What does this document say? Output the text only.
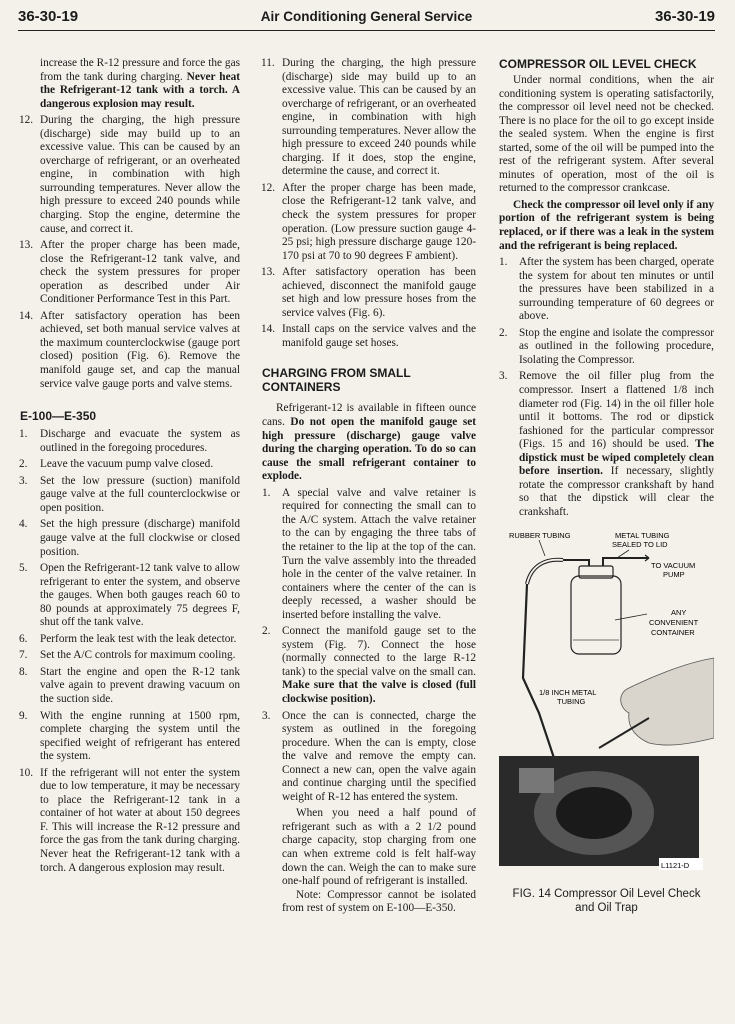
36-30-19	Air Conditioning General Service	36-30-19

increase the R-12 pressure and force the gas from the tank during charging. Never heat the Refrigerant-12 tank with a torch. A dangerous explosion may result.

12. During the charging, the high pressure (discharge) side may build up to an excessive value. This can be caused by an overcharge of refrigerant, or an overheated engine, in combination with high surrounding temperatures. Never allow the high pressure to exceed 240 pounds while charging. Stop the engine, determine the cause, and correct it.
13. After the proper charge has been made, close the Refrigerant-12 tank valve, and check the system pressures for proper operation as described under Air Conditioner Performance Test in this Part.
14. After satisfactory operation has been achieved, set both manual service valves at the maximum counterclockwise (gauge port closed) position (Fig. 6). Remove the manifold gauge set, and cap the manual service valve gauge ports and valve stems.
E-100—E-350
1. Discharge and evacuate the system as outlined in the foregoing procedures.
2. Leave the vacuum pump valve closed.
3. Set the low pressure (suction) manifold gauge valve at the full counterclockwise or open position.
4. Set the high pressure (discharge) manifold gauge valve at the full clockwise or closed position.
5. Open the Refrigerant-12 tank valve to allow refrigerant to enter the system, and observe the gauges. When both gauges reach 60 to 80 pounds at approximately 75 degrees F, shut off the tank valve.
6. Perform the leak test with the leak detector.
7. Set the A/C controls for maximum cooling.
8. Start the engine and open the R-12 tank valve again to prevent drawing vacuum on the suction side.
9. With the engine running at 1500 rpm, complete charging the system until the specified weight of refrigerant has entered the system.
10. If the refrigerant will not enter the system due to low temperature, it may be necessary to place the Refrigerant-12 tank in a container of hot water at about 150 degrees F. This will increase the R-12 pressure and force the gas from the tank during charging. Never heat the Refrigerant-12 tank with a torch. A dangerous explosion may result.
11. During the charging, the high pressure (discharge) side may build up to an excessive value. This can be caused by an overcharge of refrigerant, or an overheated engine, in combination with high surrounding temperatures. Never allow the high pressure to exceed 240 pounds while charging. If it does, stop the engine, determine the cause, and correct it.
12. After the proper charge has been made, close the Refrigerant-12 tank valve, and check the system pressures for proper operation. (Low pressure suction gauge 4-25 psi; high pressure discharge gauge 120-170 psi at 70 to 90 degrees F ambient).
13. After satisfactory operation has been achieved, disconnect the manifold gauge set high and low pressure hoses from the service valves (Fig. 6).
14. Install caps on the service valves and the manifold gauge set hoses.
CHARGING FROM SMALL CONTAINERS

Refrigerant-12 is available in fifteen ounce cans. Do not open the manifold gauge set high pressure (discharge) gauge valve during the charging operation. To do so can cause the small refrigerant container to explode.

1. A special valve and valve retainer is required for connecting the small can to the A/C system. Attach the valve retainer to the can by engaging the three tabs of the retainer to the lip at the top of the can. Turn the valve assembly into the threaded hole in the center of the valve retainer. In containers where the center of the can is deeply recessed, a washer should be inserted before installing the valve.
2. Connect the manifold gauge set to the system (Fig. 7). Connect the hose (normally connected to the large R-12 tank) to the special valve on the small can. Make sure that the valve is closed (full clockwise position).
3. Once the can is connected, charge the system as outlined in the foregoing procedure. When the can is empty, close the valve and remove the empty can. Connect a new can, open the valve again and continue charging until the specified weight of R-12 has entered the system.

When you need a half pound of refrigerant such as with a 2 1/2 pound charge capacity, stop charging from one can when extreme cold is felt half-way down the can. Weigh the can to make sure one-half pound of refrigerant is installed.

Note: Compressor cannot be isolated from rest of system on E-100—E-350.

COMPRESSOR OIL LEVEL CHECK

Under normal conditions, when the air conditioning system is operating satisfactorily, the compressor oil level need not be checked. There is no place for the oil to go except inside the sealed system. When the engine is first started, some of the oil will be pumped into the rest of the refrigerant system. After several minutes of operation, most of the oil is returned to the compressor crankcase.

Check the compressor oil level only if any portion of the refrigerant system is being replaced, or if there was a leak in the system and the refrigerant is being replaced.

1. After the system has been charged, operate the system for about ten minutes or until the pressures have been stabilized in a surrounding temperature of 60 degrees or above.
2. Stop the engine and isolate the compressor as outlined in the following procedure, Isolating the Compressor.
3. Remove the oil filler plug from the compressor. Insert a flattened 1/8 inch diameter rod (Fig. 14) in the oil filler hole until it bottoms. The rod or dipstick fashioned for the particular compressor (Figs. 15 and 16) should be used. The dipstick must be wiped completely clean before insertion. If necessary, slightly rotate the compressor crankshaft by hand so that the dipstick will clear the crankshaft.
RUBBER TUBING	METAL TUBING
SEALED TO LID
TO VACUUM
PUMP
ANY
CONVENIENT
CONTAINER
1/8 INCH METAL
TUBING
L1121-D
FIG. 14 Compressor Oil Level Check
and Oil Trap
